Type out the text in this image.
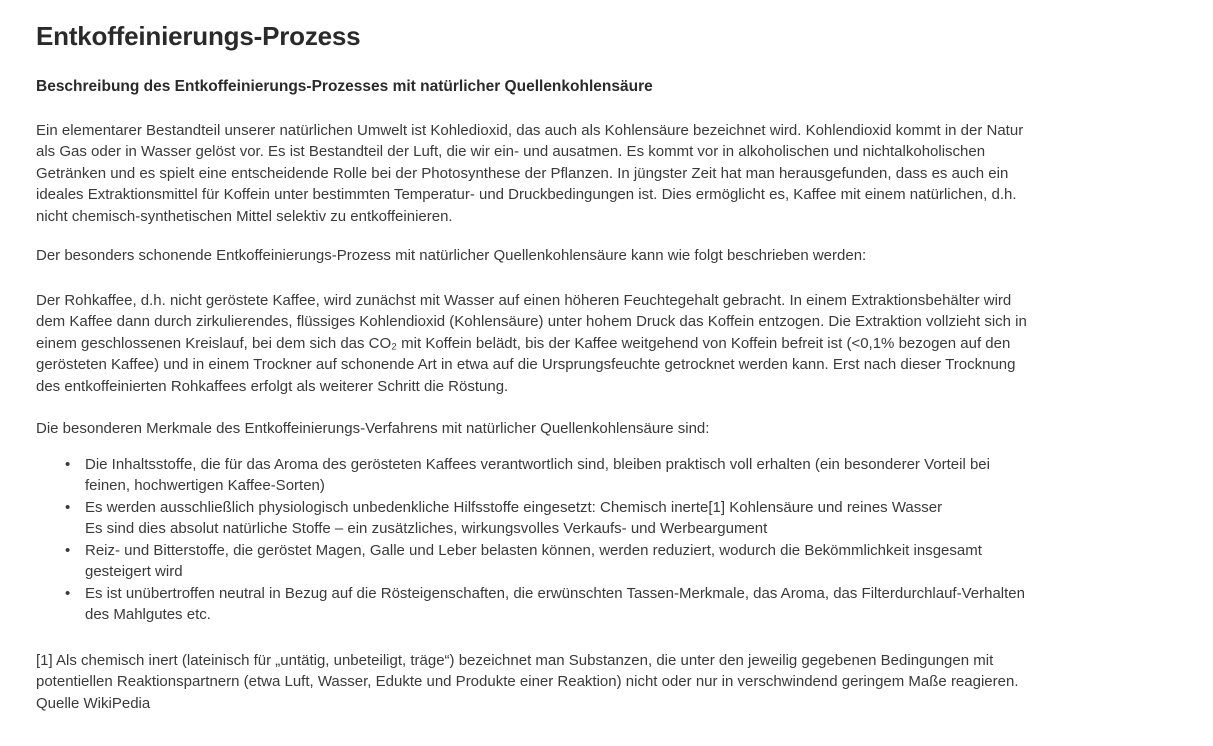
Entkoffeinierungs-Prozess
Beschreibung des Entkoffeinierungs-Prozesses mit natürlicher Quellenkohlensäure
Ein elementarer Bestandteil unserer natürlichen Umwelt ist Kohledioxid, das auch als Kohlensäure bezeichnet wird. Kohlendioxid kommt in der Natur
als Gas oder in Wasser gelöst vor. Es ist Bestandteil der Luft, die wir ein- und ausatmen. Es kommt vor in alkoholischen und nichtalkoholischen
Getränken und es spielt eine entscheidende Rolle bei der Photosynthese der Pflanzen. In jüngster Zeit hat man herausgefunden, dass es auch ein
ideales Extraktionsmittel für Koffein unter bestimmten Temperatur- und Druckbedingungen ist. Dies ermöglicht es, Kaffee mit einem natürlichen, d.h.
nicht chemisch-synthetischen Mittel selektiv zu entkoffeinieren.
Der besonders schonende Entkoffeinierungs-Prozess mit natürlicher Quellenkohlensäure kann wie folgt beschrieben werden:
Der Rohkaffee, d.h. nicht geröstete Kaffee, wird zunächst mit Wasser auf einen höheren Feuchtegehalt gebracht. In einem Extraktionsbehälter wird
dem Kaffee dann durch zirkulierendes, flüssiges Kohlendioxid (Kohlensäure) unter hohem Druck das Koffein entzogen. Die Extraktion vollzieht sich in
einem geschlossenen Kreislauf, bei dem sich das CO₂ mit Koffein belädt, bis der Kaffee weitgehend von Koffein befreit ist (<0,1% bezogen auf den
gerösteten Kaffee) und in einem Trockner auf schonende Art in etwa auf die Ursprungsfeuchte getrocknet werden kann. Erst nach dieser Trocknung
des entkoffeinierten Rohkaffees erfolgt als weiterer Schritt die Röstung.
Die besonderen Merkmale des Entkoffeinierungs-Verfahrens mit natürlicher Quellenkohlensäure sind:
• Die Inhaltsstoffe, die für das Aroma des gerösteten Kaffees verantwortlich sind, bleiben praktisch voll erhalten (ein besonderer Vorteil bei
feinen, hochwertigen Kaffee-Sorten)
• Es werden ausschließlich physiologisch unbedenkliche Hilfsstoffe eingesetzt: Chemisch inerte[1] Kohlensäure und reines Wasser
Es sind dies absolut natürliche Stoffe – ein zusätzliches, wirkungsvolles Verkaufs- und Werbeargument
• Reiz- und Bitterstoffe, die geröstet Magen, Galle und Leber belasten können, werden reduziert, wodurch die Bekömmlichkeit insgesamt
gesteigert wird
• Es ist unübertroffen neutral in Bezug auf die Rösteigenschaften, die erwünschten Tassen-Merkmale, das Aroma, das Filterdurchlauf-Verhalten
des Mahlgutes etc.
[1] Als chemisch inert (lateinisch für „untätig, unbeteiligt, träge“) bezeichnet man Substanzen, die unter den jeweilig gegebenen Bedingungen mit
potentiellen Reaktionspartnern (etwa Luft, Wasser, Edukte und Produkte einer Reaktion) nicht oder nur in verschwindend geringem Maße reagieren.
Quelle WikiPedia
